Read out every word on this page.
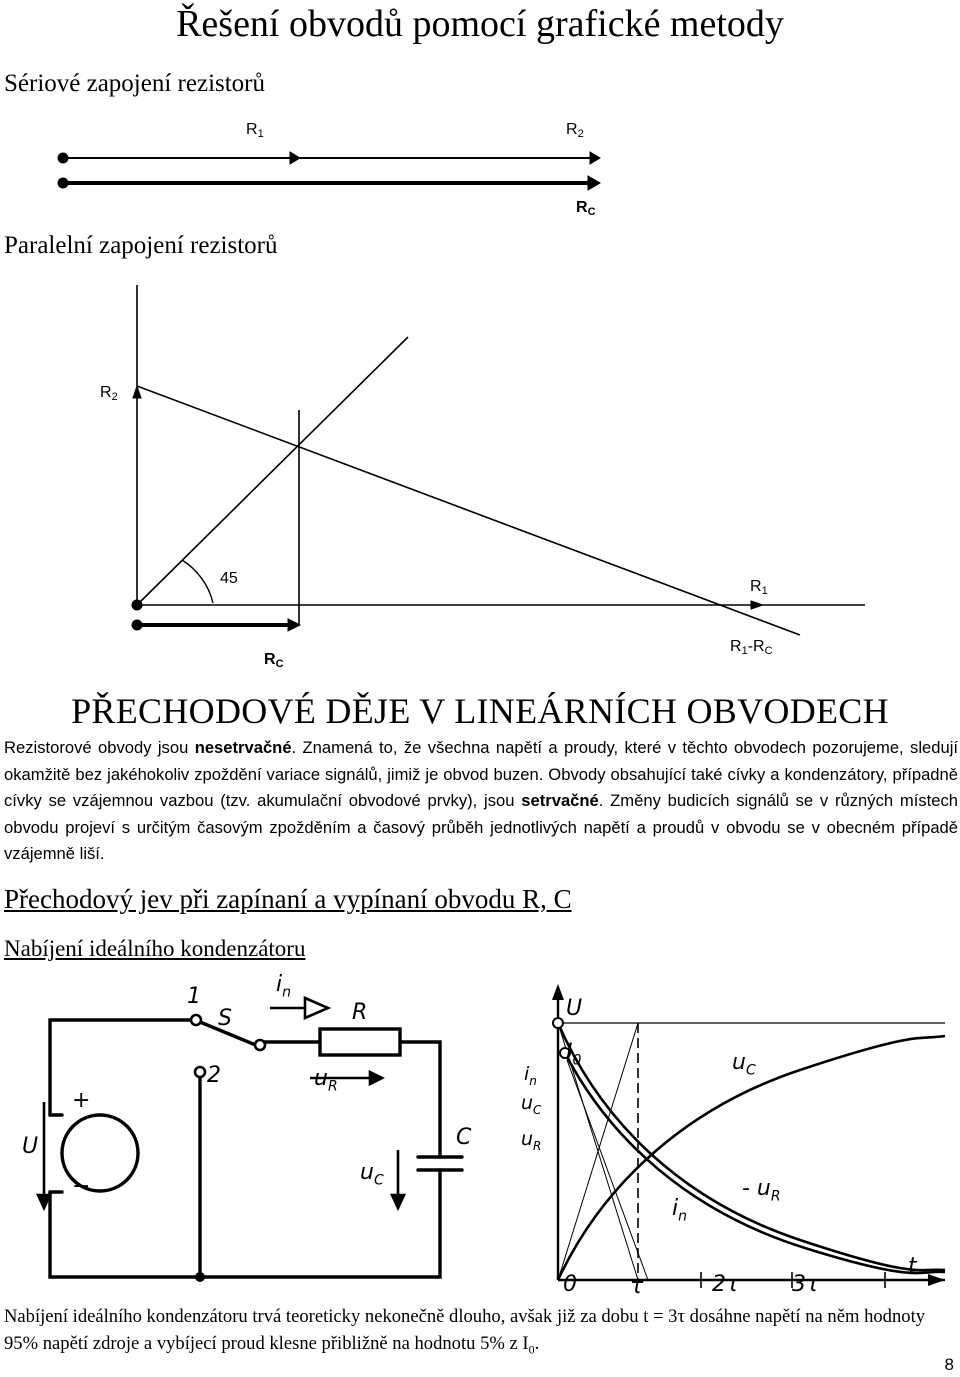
Řešení obvodů pomocí grafické metody
Sériové zapojení rezistorů
$R_1$	$R_2$
$R_C$
Paralelní zapojení rezistorů
$R_2$
45	$R_1$
$R_C$
$R_1-R_C$
PŘECHODOVÉ DĚJE V LINEÁRNÍCH OBVODECH
Rezistorové obvody jsou nesetrvačné. Znamená to, že všechna napětí a proudy, které v těchto obvodech pozorujeme, sledují okamžitě bez jakéhokoliv zpoždění variace signálů, jimiž je obvod buzen. Obvody obsahující také cívky a kondenzátory, případně cívky se vzájemnou vazbou (tzv. akumulační obvodové prvky), jsou setrvačné. Změny budicích signálů se v různých místech obvodu projeví s určitým časovým zpožděním a časový průběh jednotlivých napětí a proudů v obvodu se v obecném případě vzájemně liší.
Přechodový jev při zapínaní a vypínaní obvodu R, C
Nabíjení ideálního kondenzátoru
1
2
S
$i_n$
R
$u_R$
U
+
−
C
$u_C$
U
$I_0$
$i_n$
$u_C$
$u_R$
$u_C$
- $u_R$
$i_n$
0 τ	2τ 3τ
t
Nabíjení ideálního kondenzátoru trvá teoreticky nekonečně dlouho, avšak již za dobu t = 3τ dosáhne napětí na něm hodnoty 95% napětí zdroje a vybíjecí proud klesne přibližně na hodnotu 5% z $I_0$.
8
